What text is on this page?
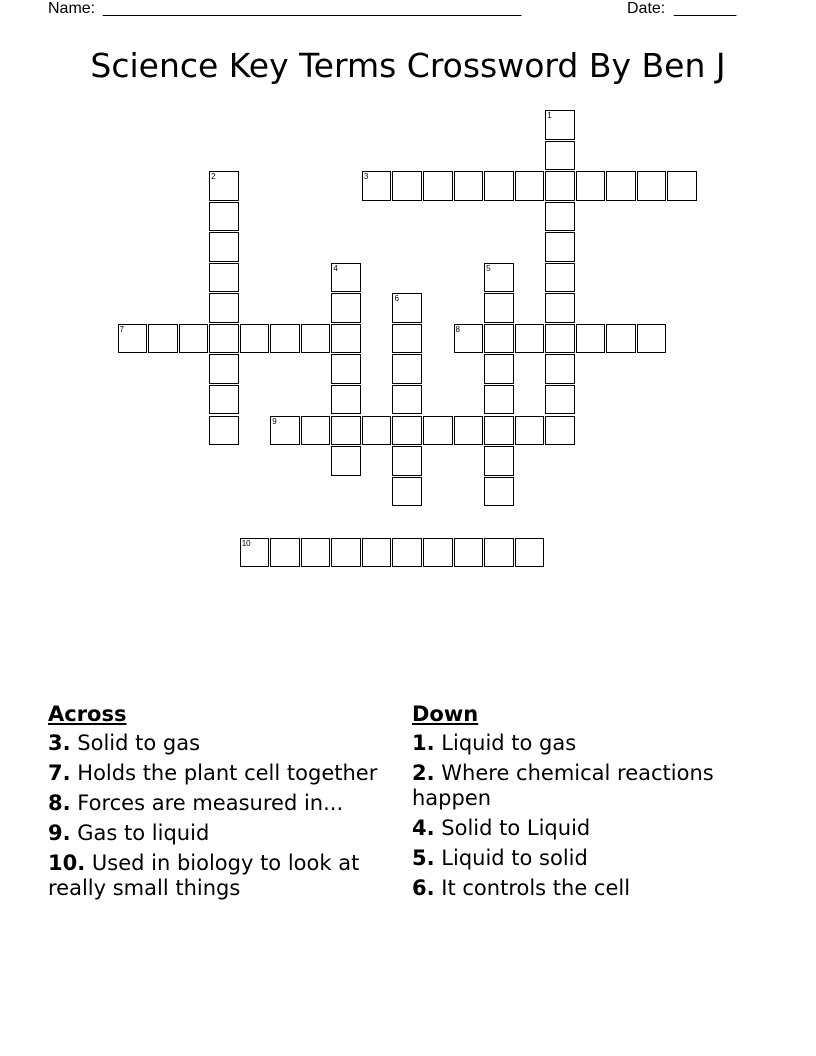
Name: _______________________________________________	Date: _______
Science Key Terms Crossword By Ben J
1
2	3
4	5
6
7	8
9
10
Across
3. Solid to gas
7. Holds the plant cell together
8. Forces are measured in...
9. Gas to liquid
10. Used in biology to look at really small things
Down
1. Liquid to gas
2. Where chemical reactions happen
4. Solid to Liquid
5. Liquid to solid
6. It controls the cell
